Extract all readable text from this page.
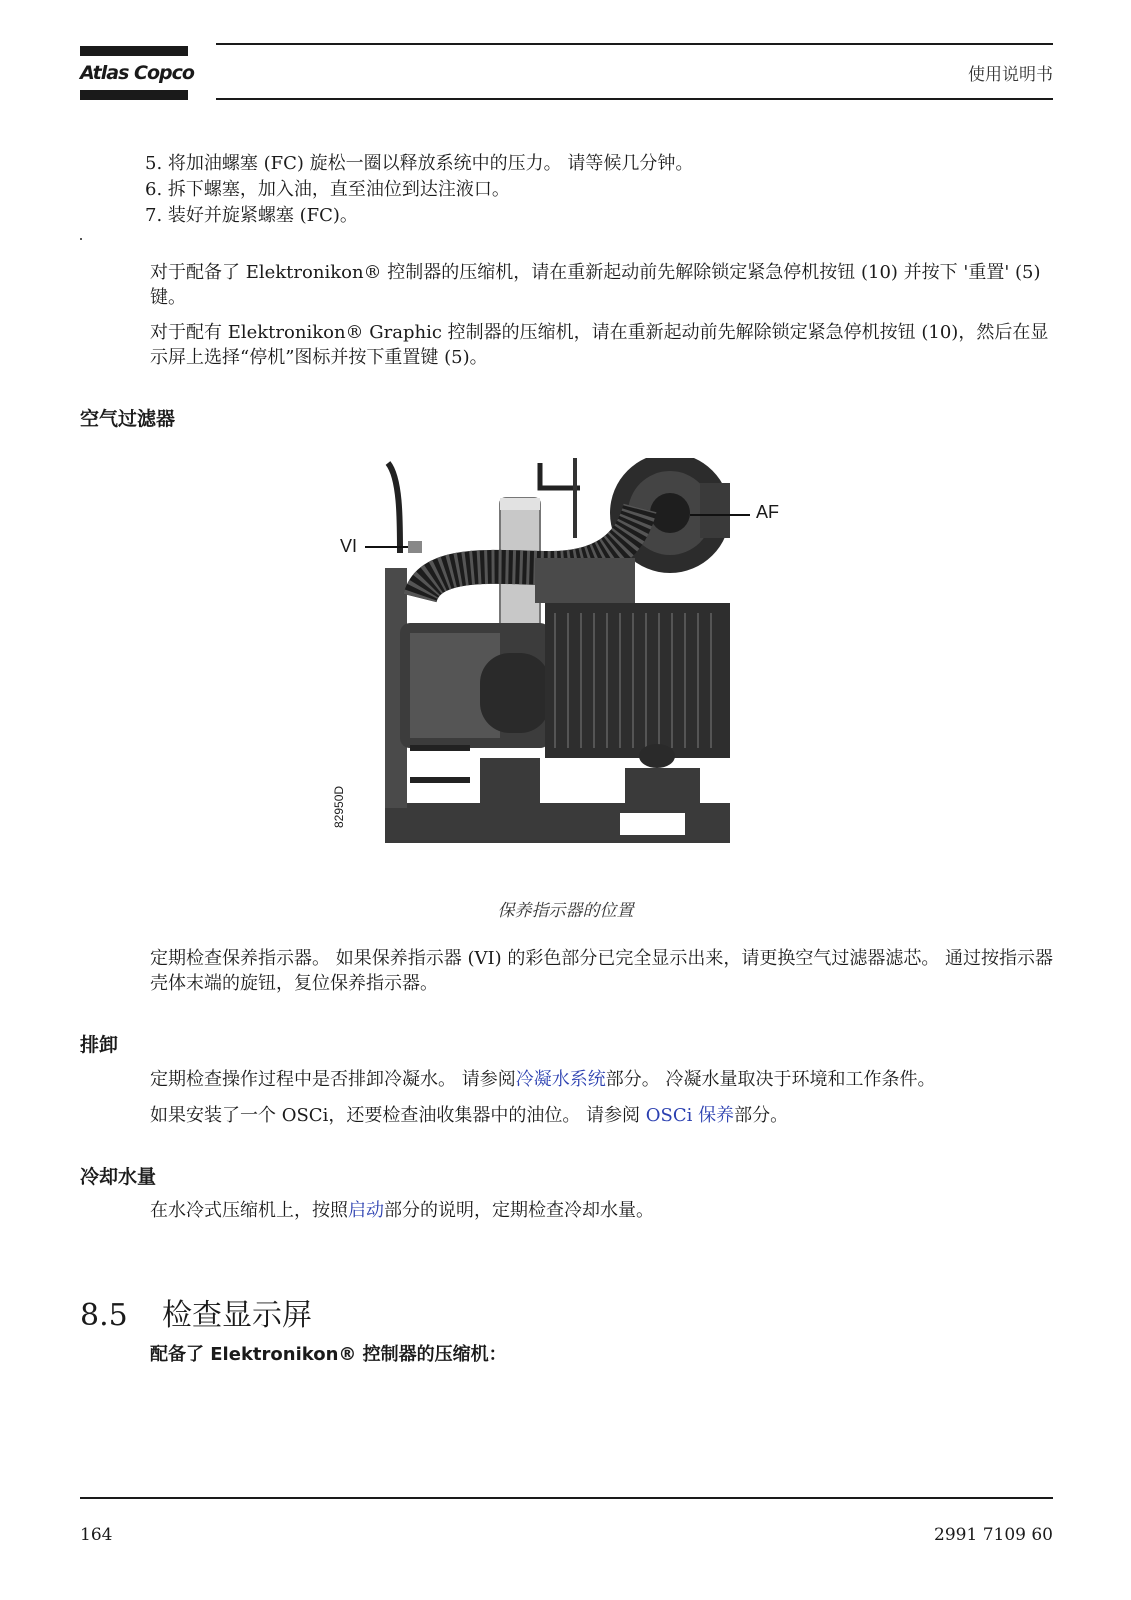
Atlas Copco	使用说明书
5. 将加油螺塞 (FC) 旋松一圈以释放系统中的压力。 请等候几分钟。
6. 拆下螺塞，加入油，直至油位到达注液口。
7. 装好并旋紧螺塞 (FC)。
对于配备了 Elektronikon® 控制器的压缩机，请在重新起动前先解除锁定紧急停机按钮 (10) 并按下 '重置' (5) 键。
对于配有 Elektronikon® Graphic 控制器的压缩机，请在重新起动前先解除锁定紧急停机按钮 (10)，然后在显示屏上选择“停机”图标并按下重置键 (5)。
空气过滤器
VI
AF
82950D
保养指示器的位置
定期检查保养指示器。 如果保养指示器 (VI) 的彩色部分已完全显示出来，请更换空气过滤器滤芯。 通过按指示器壳体末端的旋钮，复位保养指示器。
排卸
定期检查操作过程中是否排卸冷凝水。 请参阅冷凝水系统部分。 冷凝水量取决于环境和工作条件。
如果安装了一个 OSCi，还要检查油收集器中的油位。 请参阅 OSCi 保养部分。
冷却水量
在水冷式压缩机上，按照启动部分的说明，定期检查冷却水量。
8.5 检查显示屏
配备了 Elektronikon® 控制器的压缩机：
164	2991 7109 60
